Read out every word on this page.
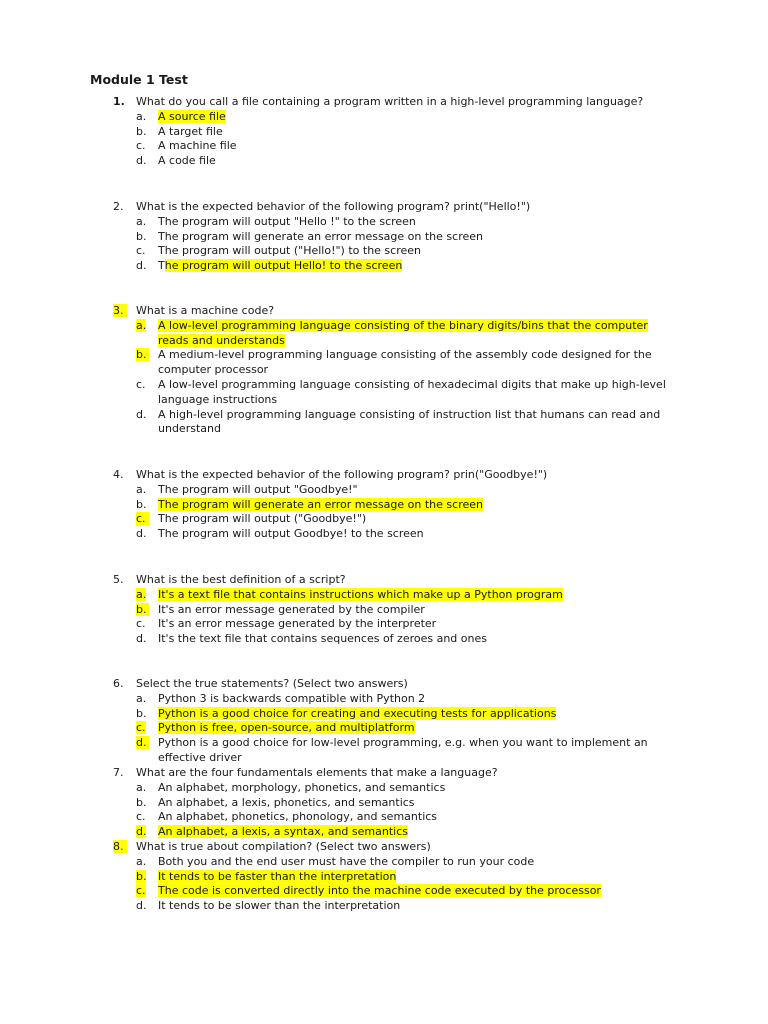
Module 1 Test
1.	What do you call a file containing a program written in a high-level programming language?
a. A source file
b. A target file
c. A machine file
d. A code file
2.	What is the expected behavior of the following program? print("Hello!")
a. The program will output "Hello !" to the screen
b. The program will generate an error message on the screen
c. The program will output ("Hello!") to the screen
d. The program will output Hello! to the screen
3.	What is a machine code?
a. A low-level programming language consisting of the binary digits/bins that the computer reads and understands
b. A medium-level programming language consisting of the assembly code designed for the computer processor
c. A low-level programming language consisting of hexadecimal digits that make up high-level language instructions
d. A high-level programming language consisting of instruction list that humans can read and understand
4.	What is the expected behavior of the following program? prin("Goodbye!")
a. The program will output "Goodbye!"
b. The program will generate an error message on the screen
c. The program will output ("Goodbye!")
d. The program will output Goodbye! to the screen
5.	What is the best definition of a script?
a. It's a text file that contains instructions which make up a Python program
b. It's an error message generated by the compiler
c. It's an error message generated by the interpreter
d. It's the text file that contains sequences of zeroes and ones
6.	Select the true statements? (Select two answers)
a. Python 3 is backwards compatible with Python 2
b. Python is a good choice for creating and executing tests for applications
c. Python is free, open-source, and multiplatform
d. Python is a good choice for low-level programming, e.g. when you want to implement an effective driver
7.	What are the four fundamentals elements that make a language?
a. An alphabet, morphology, phonetics, and semantics
b. An alphabet, a lexis, phonetics, and semantics
c. An alphabet, phonetics, phonology, and semantics
d. An alphabet, a lexis, a syntax, and semantics
8.	What is true about compilation? (Select two answers)
a. Both you and the end user must have the compiler to run your code
b. It tends to be faster than the interpretation
c. The code is converted directly into the machine code executed by the processor
d. It tends to be slower than the interpretation
